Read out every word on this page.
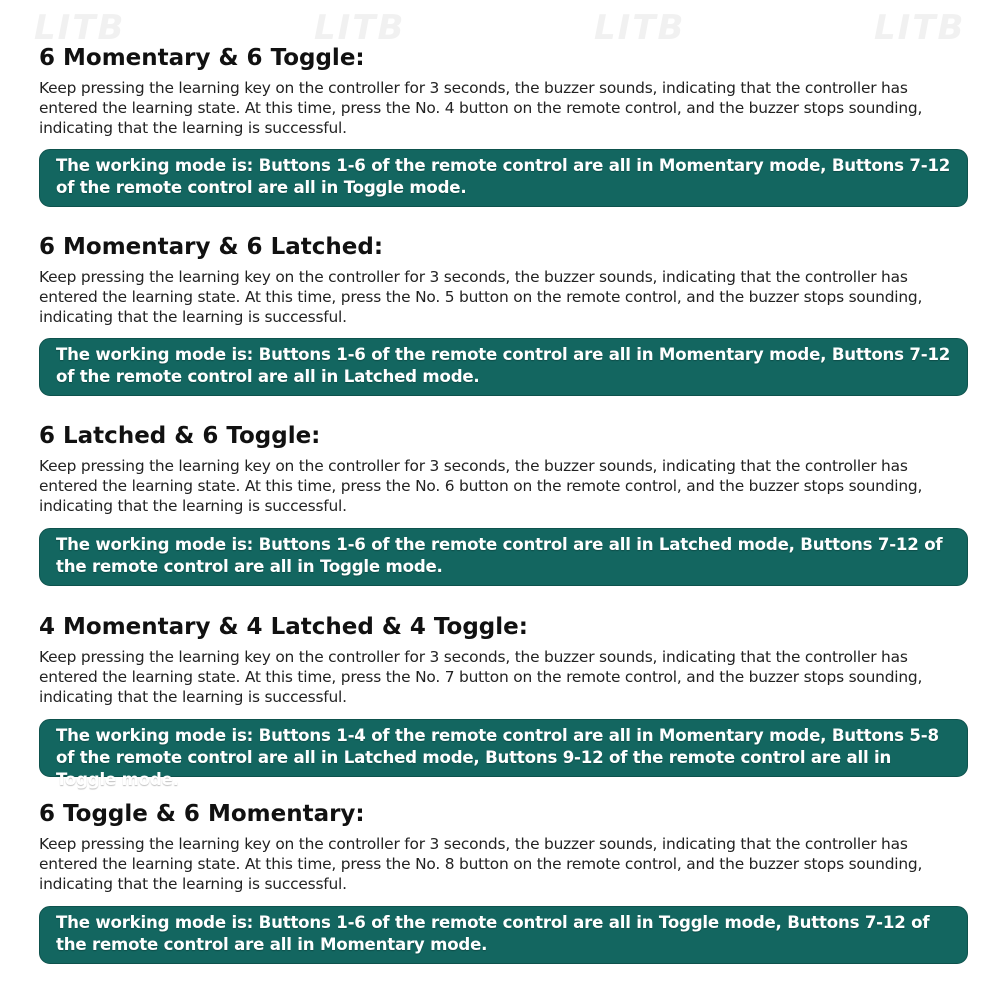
LITB	LITB	LITB	LITB
6 Momentary & 6 Toggle:

Keep pressing the learning key on the controller for 3 seconds, the buzzer sounds, indicating that the controller has entered the learning state. At this time, press the No. 4 button on the remote control, and the buzzer stops sounding, indicating that the learning is successful.

The working mode is: Buttons 1-6 of the remote control are all in Momentary mode, Buttons 7-12 of the remote control are all in Toggle mode.
6 Momentary & 6 Latched:

Keep pressing the learning key on the controller for 3 seconds, the buzzer sounds, indicating that the controller has entered the learning state. At this time, press the No. 5 button on the remote control, and the buzzer stops sounding, indicating that the learning is successful.

The working mode is: Buttons 1-6 of the remote control are all in Momentary mode, Buttons 7-12 of the remote control are all in Latched mode.
6 Latched & 6 Toggle:

Keep pressing the learning key on the controller for 3 seconds, the buzzer sounds, indicating that the controller has entered the learning state. At this time, press the No. 6 button on the remote control, and the buzzer stops sounding, indicating that the learning is successful.

The working mode is: Buttons 1-6 of the remote control are all in Latched mode, Buttons 7-12 of the remote control are all in Toggle mode.
4 Momentary & 4 Latched & 4 Toggle:

Keep pressing the learning key on the controller for 3 seconds, the buzzer sounds, indicating that the controller has entered the learning state. At this time, press the No. 7 button on the remote control, and the buzzer stops sounding, indicating that the learning is successful.

The working mode is: Buttons 1-4 of the remote control are all in Momentary mode, Buttons 5-8 of the remote control are all in Latched mode, Buttons 9-12 of the remote control are all in Toggle mode.
6 Toggle & 6 Momentary:

Keep pressing the learning key on the controller for 3 seconds, the buzzer sounds, indicating that the controller has entered the learning state. At this time, press the No. 8 button on the remote control, and the buzzer stops sounding, indicating that the learning is successful.

The working mode is: Buttons 1-6 of the remote control are all in Toggle mode, Buttons 7-12 of the remote control are all in Momentary mode.
